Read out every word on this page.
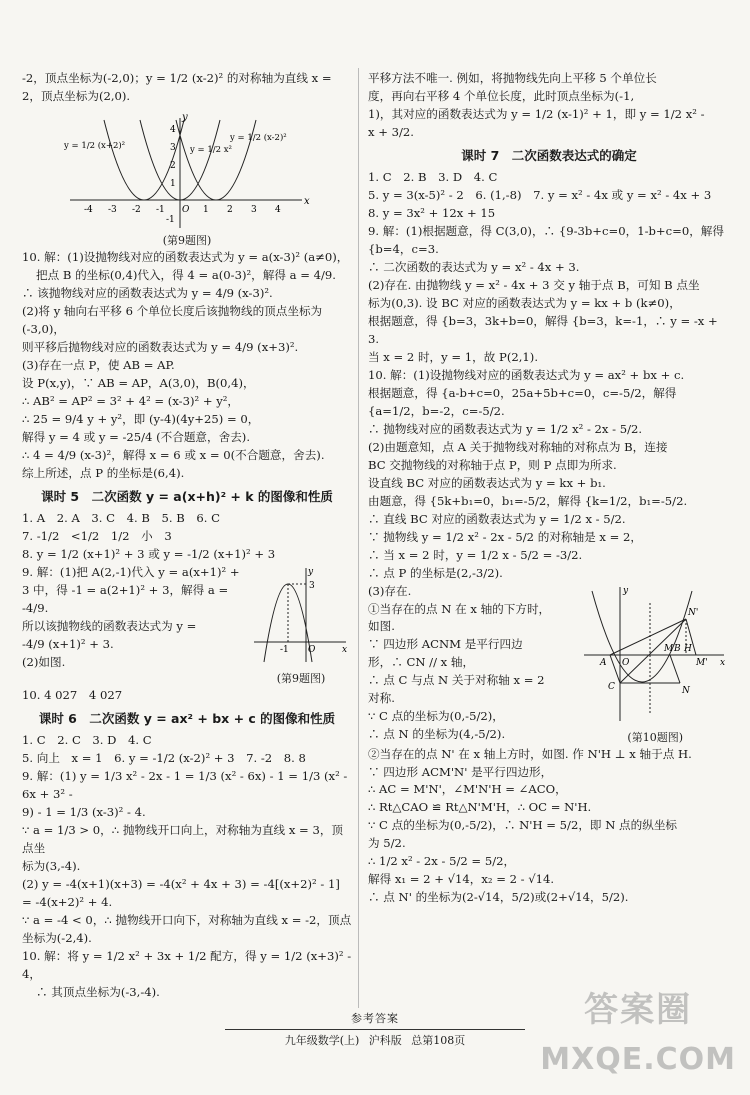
-2，顶点坐标为(-2,0)；y = 1/2 (x-2)² 的对称轴为直线 x =
2，顶点坐标为(2,0).
x
y
y = 1/2 (x+2)²	y = 1/2 x²
y = 1/2 (x-2)²
-4 -3 -2 -1 O 1 2 3 4
4
3
2
1
-1
(第9题图)
10. 解：(1)设抛物线对应的函数表达式为 y = a(x-3)² (a≠0)，
把点 B 的坐标(0,4)代入，得 4 = a(0-3)²，解得 a = 4/9.
∴ 该抛物线对应的函数表达式为 y = 4/9 (x-3)².
(2)将 y 轴向右平移 6 个单位长度后该抛物线的顶点坐标为(-3,0)，
则平移后抛物线对应的函数表达式为 y = 4/9 (x+3)².
(3)存在一点 P，使 AB = AP.
设 P(x,y)，∵ AB = AP，A(3,0)，B(0,4)，
∴ AB² = AP² = 3² + 4² = (x-3)² + y²，
∴ 25 = 9/4 y + y²，即 (y-4)(4y+25) = 0，
解得 y = 4 或 y = -25/4 (不合题意，舍去).
∴ 4 = 4/9 (x-3)²，解得 x = 6 或 x = 0(不合题意，舍去).
综上所述，点 P 的坐标是(6,4).
课时 5　二次函数 y = a(x+h)² + k 的图像和性质
1. A　2. A　3. C　4. B　5. B　6. C
7. -1/2　<1/2　1/2　小　3
8. y = 1/2 (x+1)² + 3 或 y = -1/2 (x+1)² + 3
9. 解：(1)把 A(2,-1)代入 y = a(x+1)² +
3 中，得 -1 = a(2+1)² + 3，解得 a =
-4/9.
所以该抛物线的函数表达式为 y =
-4/9 (x+1)² + 3.
(2)如图.
x
y
3
-1 O
(第9题图)
10. 4 027　4 027
课时 6　二次函数 y = ax² + bx + c 的图像和性质
1. C　2. C　3. D　4. C
5. 向上　x = 1　6. y = -1/2 (x-2)² + 3　7. -2　8. 8
9. 解：(1) y = 1/3 x² - 2x - 1 = 1/3 (x² - 6x) - 1 = 1/3 (x² - 6x + 3² -
9) - 1 = 1/3 (x-3)² - 4.
∵ a = 1/3 > 0，∴ 抛物线开口向上，对称轴为直线 x = 3，顶点坐
标为(3,-4).
(2) y = -4(x+1)(x+3) = -4(x² + 4x + 3) = -4[(x+2)² - 1]
= -4(x+2)² + 4.
∵ a = -4 < 0，∴ 抛物线开口向下，对称轴为直线 x = -2，顶点
坐标为(-2,4).
10. 解：将 y = 1/2 x² + 3x + 1/2 配方，得 y = 1/2 (x+3)² - 4，
∴ 其顶点坐标为(-3,-4).
平移方法不唯一. 例如，将抛物线先向上平移 5 个单位长
度，再向右平移 4 个单位长度，此时顶点坐标为(-1,
1)，其对应的函数表达式为 y = 1/2 (x-1)² + 1，即 y = 1/2 x² -
x + 3/2.
课时 7　二次函数表达式的确定
1. C　2. B　3. D　4. C
5. y = 3(x-5)² - 2　6. (1,-8)　7. y = x² - 4x 或 y = x² - 4x + 3
8. y = 3x² + 12x + 15
9. 解：(1)根据题意，得 C(3,0)，∴ {9-3b+c=0，1-b+c=0，解得 {b=4，c=3.
∴ 二次函数的表达式为 y = x² - 4x + 3.
(2)存在. 由抛物线 y = x² - 4x + 3 交 y 轴于点 B，可知 B 点坐
标为(0,3). 设 BC 对应的函数表达式为 y = kx + b (k≠0)，
根据题意，得 {b=3，3k+b=0，解得 {b=3，k=-1，∴ y = -x + 3.
当 x = 2 时，y = 1，故 P(2,1).
10. 解：(1)设抛物线对应的函数表达式为 y = ax² + bx + c.
根据题意，得 {a-b+c=0，25a+5b+c=0，c=-5/2，解得 {a=1/2，b=-2，c=-5/2.
∴ 抛物线对应的函数表达式为 y = 1/2 x² - 2x - 5/2.
(2)由题意知，点 A 关于抛物线对称轴的对称点为 B，连接
BC 交抛物线的对称轴于点 P，则 P 点即为所求.
设直线 BC 对应的函数表达式为 y = kx + b₁.
由题意，得 {5k+b₁=0，b₁=-5/2，解得 {k=1/2，b₁=-5/2.
∴ 直线 BC 对应的函数表达式为 y = 1/2 x - 5/2.
∵ 抛物线 y = 1/2 x² - 2x - 5/2 的对称轴是 x = 2，
∴ 当 x = 2 时，y = 1/2 x - 5/2 = -3/2.
∴ 点 P 的坐标是(2,-3/2).
(3)存在.
①当存在的点 N 在 x 轴的下方时，
如图.
∵ 四边形 ACNM 是平行四边
形，∴ CN // x 轴，
∴ 点 C 与点 N 关于对称轴 x = 2
对称.
∵ C 点的坐标为(0,-5/2)，
∴ 点 N 的坐标为(4,-5/2).
N'
A O
M B H
M'
C	N
x
y
(第10题图)
②当存在的点 N' 在 x 轴上方时，如图. 作 N'H ⊥ x 轴于点 H.
∵ 四边形 ACM'N' 是平行四边形，
∴ AC = M'N'，∠M'N'H = ∠ACO，
∴ Rt△CAO ≌ Rt△N'M'H，∴ OC = N'H.
∵ C 点的坐标为(0,-5/2)，∴ N'H = 5/2，即 N 点的纵坐标
为 5/2.
∴ 1/2 x² - 2x - 5/2 = 5/2，
解得 x₁ = 2 + √14，x₂ = 2 - √14.
∴ 点 N' 的坐标为(2-√14，5/2)或(2+√14，5/2).
参考答案
九年级数学(上) 沪科版 总第108页
答案圈
MXQE.COM
